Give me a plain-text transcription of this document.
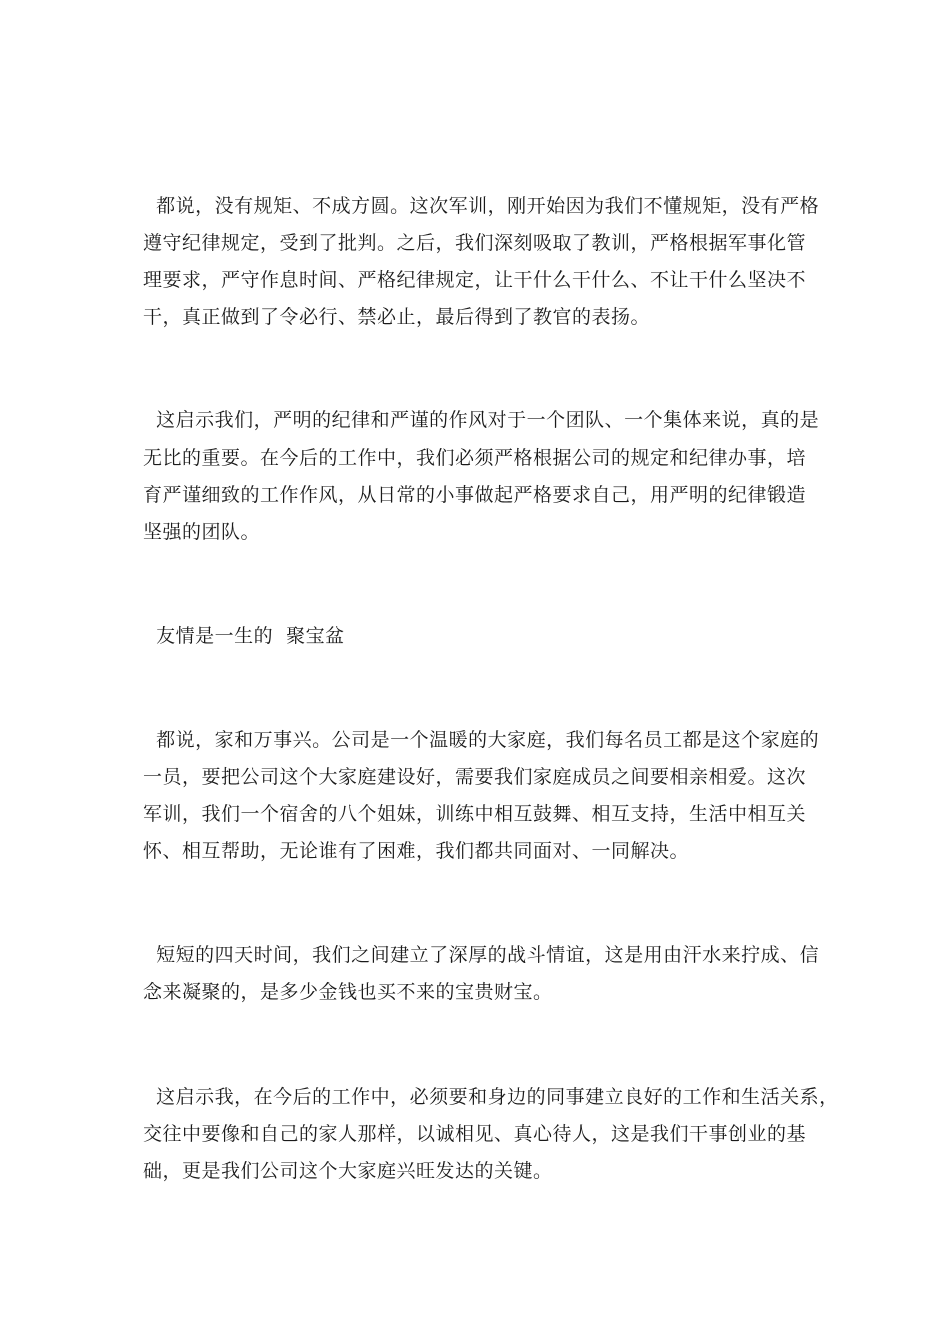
都说，没有规矩、不成方圆。这次军训，刚开始因为我们不懂规矩，没有严格
遵守纪律规定，受到了批判。之后，我们深刻吸取了教训，严格根据军事化管
理要求，严守作息时间、严格纪律规定，让干什么干什么、不让干什么坚决不
干，真正做到了令必行、禁必止，最后得到了教官的表扬。
这启示我们，严明的纪律和严谨的作风对于一个团队、一个集体来说，真的是
无比的重要。在今后的工作中，我们必须严格根据公司的规定和纪律办事，培
育严谨细致的工作作风，从日常的小事做起严格要求自己，用严明的纪律锻造
坚强的团队。
友情是一生的  聚宝盆
都说，家和万事兴。公司是一个温暖的大家庭，我们每名员工都是这个家庭的
一员，要把公司这个大家庭建设好，需要我们家庭成员之间要相亲相爱。这次
军训，我们一个宿舍的八个姐妹，训练中相互鼓舞、相互支持，生活中相互关
怀、相互帮助，无论谁有了困难，我们都共同面对、一同解决。
短短的四天时间，我们之间建立了深厚的战斗情谊，这是用由汗水来拧成、信
念来凝聚的，是多少金钱也买不来的宝贵财宝。
这启示我，在今后的工作中，必须要和身边的同事建立良好的工作和生活关系，
交往中要像和自己的家人那样，以诚相见、真心待人，这是我们干事创业的基
础，更是我们公司这个大家庭兴旺发达的关键。
